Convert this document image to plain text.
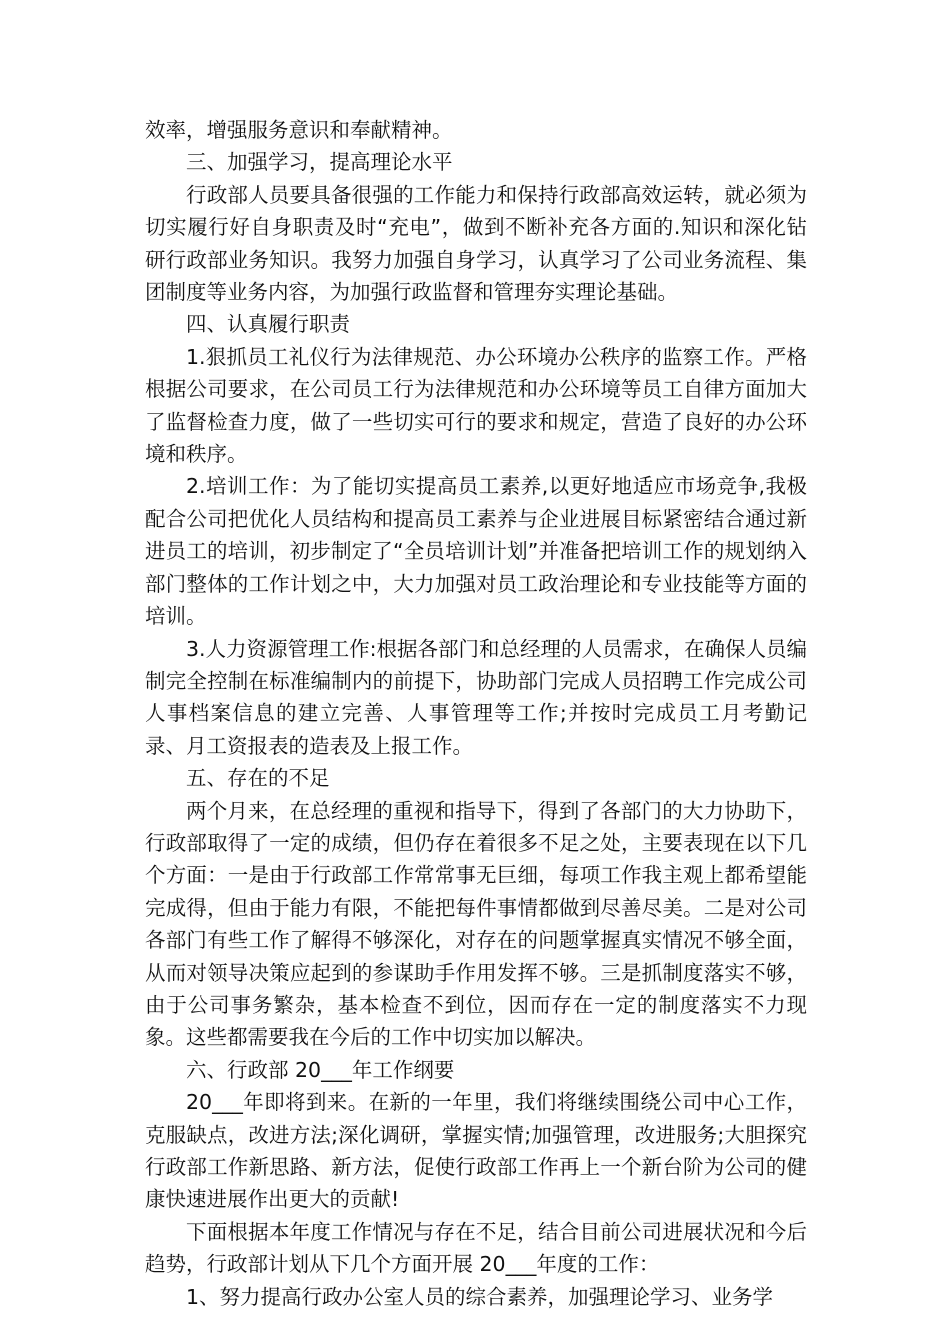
效率，增强服务意识和奉献精神。

三、加强学习，提高理论水平

行政部人员要具备很强的工作能力和保持行政部高效运转，就必须为切实履行好自身职责及时“充电”，做到不断补充各方面的.知识和深化钻研行政部业务知识。我努力加强自身学习，认真学习了公司业务流程、集团制度等业务内容，为加强行政监督和管理夯实理论基础。

四、认真履行职责

1.狠抓员工礼仪行为法律规范、办公环境办公秩序的监察工作。严格根据公司要求，在公司员工行为法律规范和办公环境等员工自律方面加大了监督检查力度，做了一些切实可行的要求和规定，营造了良好的办公环境和秩序。

2.培训工作：为了能切实提高员工素养,以更好地适应市场竞争,我极配合公司把优化人员结构和提高员工素养与企业进展目标紧密结合通过新进员工的培训，初步制定了“全员培训计划”并准备把培训工作的规划纳入部门整体的工作计划之中，大力加强对员工政治理论和专业技能等方面的培训。

3.人力资源管理工作:根据各部门和总经理的人员需求，在确保人员编制完全控制在标准编制内的前提下，协助部门完成人员招聘工作完成公司人事档案信息的建立完善、人事管理等工作;并按时完成员工月考勤记录、月工资报表的造表及上报工作。

五、存在的不足

两个月来，在总经理的重视和指导下，得到了各部门的大力协助下，行政部取得了一定的成绩，但仍存在着很多不足之处，主要表现在以下几个方面：一是由于行政部工作常常事无巨细，每项工作我主观上都希望能完成得，但由于能力有限，不能把每件事情都做到尽善尽美。二是对公司各部门有些工作了解得不够深化，对存在的问题掌握真实情况不够全面，从而对领导决策应起到的参谋助手作用发挥不够。三是抓制度落实不够，由于公司事务繁杂，基本检查不到位，因而存在一定的制度落实不力现象。这些都需要我在今后的工作中切实加以解决。

六、行政部 20___年工作纲要

20___年即将到来。在新的一年里，我们将继续围绕公司中心工作，克服缺点，改进方法;深化调研，掌握实情;加强管理，改进服务;大胆探究行政部工作新思路、新方法，促使行政部工作再上一个新台阶为公司的健康快速进展作出更大的贡献!

下面根据本年度工作情况与存在不足，结合目前公司进展状况和今后趋势，行政部计划从下几个方面开展 20___年度的工作：

1、努力提高行政办公室人员的综合素养，加强理论学习、业务学
